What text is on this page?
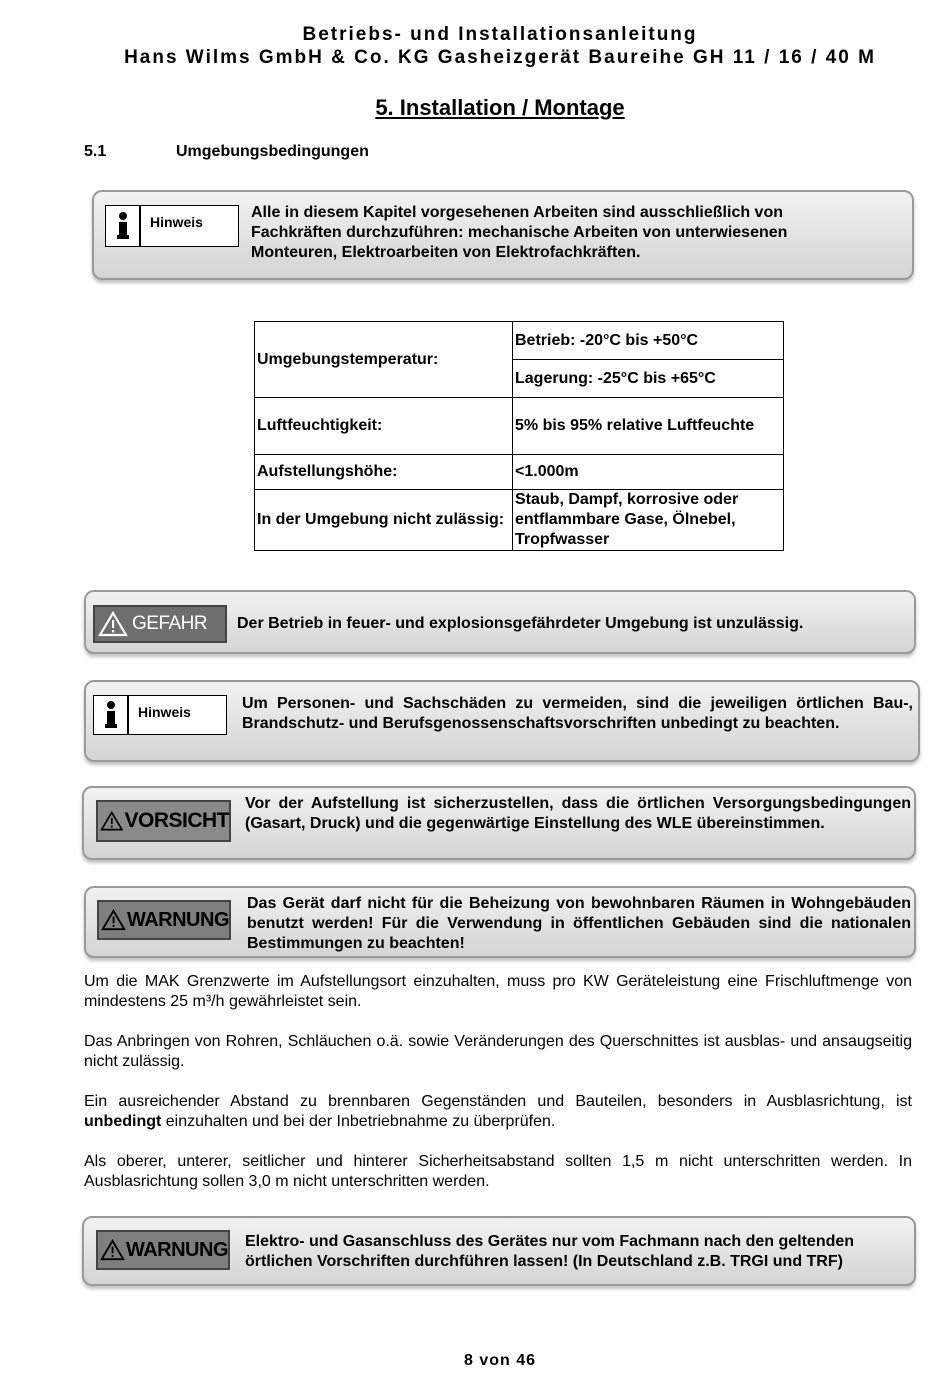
Betriebs- und Installationsanleitung
Hans Wilms GmbH & Co. KG Gasheizgerät Baureihe GH 11 / 16 / 40 M
5. Installation / Montage
5.1	Umgebungsbedingungen
Hinweis
Alle in diesem Kapitel vorgesehenen Arbeiten sind ausschließlich von Fachkräften durchzuführen: mechanische Arbeiten von unterwiesenen Monteuren, Elektroarbeiten von Elektrofachkräften.
Umgebungstemperatur:	Betrieb: -20°C bis +50°C
	Lagerung: -25°C bis +65°C
Luftfeuchtigkeit:	5% bis 95% relative Luftfeuchte
Aufstellungshöhe:	<1.000m
In der Umgebung nicht zulässig:	Staub, Dampf, korrosive oder entflammbare Gase, Ölnebel, Tropfwasser
GEFAHR Der Betrieb in feuer- und explosionsgefährdeter Umgebung ist unzulässig.
Hinweis	Um Personen- und Sachschäden zu vermeiden, sind die jeweiligen örtlichen Bau-, Brandschutz- und Berufsgenossenschaftsvorschriften unbedingt zu beachten.
VORSICHT
Vor der Aufstellung ist sicherzustellen, dass die örtlichen Versorgungsbedingungen (Gasart, Druck) und die gegenwärtige Einstellung des WLE übereinstimmen.
WARNUNG
Das Gerät darf nicht für die Beheizung von bewohnbaren Räumen in Wohngebäuden benutzt werden! Für die Verwendung in öffentlichen Gebäuden sind die nationalen Bestimmungen zu beachten!
Um die MAK Grenzwerte im Aufstellungsort einzuhalten, muss pro KW Geräteleistung eine Frischluftmenge von mindestens 25 m³/h gewährleistet sein.
Das Anbringen von Rohren, Schläuchen o.ä. sowie Veränderungen des Querschnittes ist ausblas- und ansaugseitig nicht zulässig.
Ein ausreichender Abstand zu brennbaren Gegenständen und Bauteilen, besonders in Ausblasrichtung, ist unbedingt einzuhalten und bei der Inbetriebnahme zu überprüfen.
Als oberer, unterer, seitlicher und hinterer Sicherheitsabstand sollten 1,5 m nicht unterschritten werden. In Ausblasrichtung sollen 3,0 m nicht unterschritten werden.
WARNUNG Elektro- und Gasanschluss des Gerätes nur vom Fachmann nach den geltenden örtlichen Vorschriften durchführen lassen! (In Deutschland z.B. TRGI und TRF)
8 von 46
